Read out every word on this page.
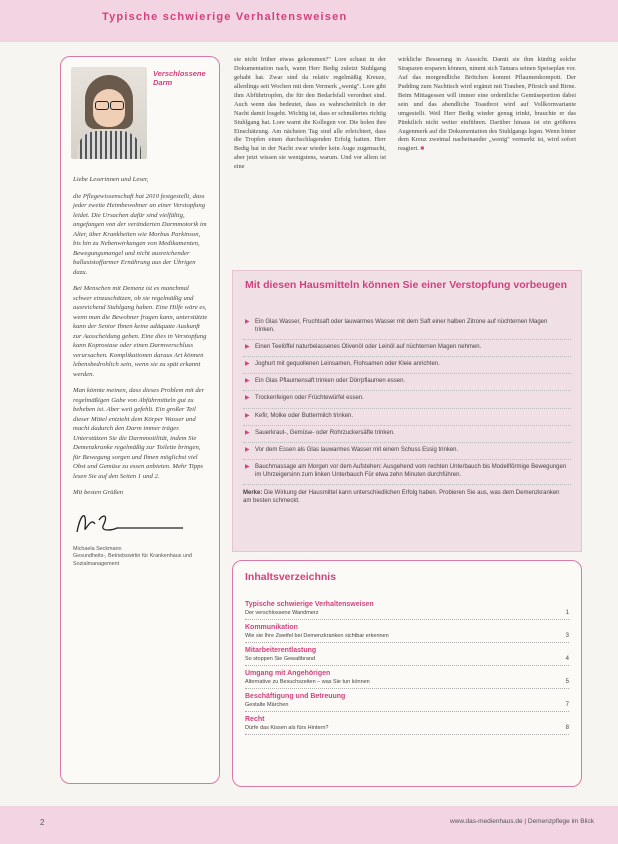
Typische schwierige Verhaltensweisen
Verschlossene Darm

Liebe Leserinnen und Leser,

die Pflegewissenschaft hat 2010 festgestellt, dass jeder zweite Heimbewohner an einer Verstopfung leidet. Die Ursachen dafür sind vielfältig, angefangen von der veränderten Darmmotorik im Alter, über Krankheiten wie Morbus Parkinson, bis hin zu Nebenwirkungen von Medikamenten, Bewegungsmangel und nicht ausreichender ballaststoffarmer Ernährung aus der Übrigen dazu.

Bei Menschen mit Demenz ist es manchmal schwer einzuschätzen, ob sie regelmäßig und ausreichend Stuhlgang haben. Eine Hilfe wäre es, wenn man die Bewohner fragen kann, unterstützte kann der Senior Ihnen keine adäquate Auskunft zur Ausscheidung geben. Eine dies in Verstopfung kann Koprostase oder einen Darmverschluss verursachen. Komplikationen daraus Art können lebensbedrohlich sein, wenn sie zu spät erkannt werden.

Man könnte meinen, dass dieses Problem mit der regelmäßigen Gabe von Abführmitteln gut zu beheben ist. Aber weit gefehlt. Ein großer Teil dieser Mittel entzieht dem Körper Wasser und macht dadurch den Darm immer träger. Unterstützen Sie die Darmmotilität, indem Sie Demenzkranke regelmäßig zur Toilette bringen, für Bewegung sorgen und Ihnen möglichst viel Obst und Gemüse zu essen anbieten. Mehr Tipps lesen Sie auf den Seiten 1 und 2.

Mit besten Grüßen

Michaela Seckmann
Gesundheits-, Betriebswirtin für Krankenhaus und Sozialmanagement
sie nicht früher etwas gekommen?" Lore schaut in der Dokumentation nach, wann Herr Bedig zuletzt Stuhlgang gehabt hat. Zwar sind da relativ regelmäßig Kreuze, allerdings seit Wochen mit dem Vermerk „wenig". Lore gibt ihm Abführtropfen, die für den Bedarfsfall verordnet sind. Auch wenn das bedeutet, dass es wahrscheinlich in der Nacht damit losgeht. Wichtig ist, dass er schmälertes richtig Stuhlgang hat. Lore warnt die Kollegen vor. Die holen ihre Einschätzung. Am nächsten Tag sind alle erleichtert, dass die Tropfen einen durchschlagenden Erfolg hatten. Herr Bedig hat in der Nacht zwar wieder kein Auge zugemacht, aber jetzt wissen sie wenigstens, warum. Und vor allem ist eine
wirkliche Besserung in Aussicht. Damit sie ihm künftig solche Strapazen ersparen können, nimmt sich Tamara seinen Speiseplan vor. Auf das morgendliche Brötchen kommt Pflaumenkompott. Der Pudding zum Nachtisch wird ergänzt mit Trauben, Pfirsich und Birne. Beim Mittagessen will immer eine ordentliche Gemüseportion dabei sein und das abendliche Toastbrot wird auf Vollkornvariante umgestellt. Weil Herr Bedig wieder genug trinkt, brauchte er das Pünktlich nicht weiter einführen. Darüber hinaus ist ein größeres Augenmerk auf die Dokumentation des Stuhlgangs legen. Wenn hinter dem Kreuz zweimal nacheinander „wenig" vermerkt ist, wird sofort reagiert. ■
Mit diesen Hausmitteln können Sie einer Verstopfung vorbeugen
▶ Ein Glas Wasser, Fruchtsaft oder lauwarmes Wasser mit dem Saft einer halben Zitrone auf nüchternen Magen trinken.
▶ Einen Teelöffel naturbelassenes Olivenöl oder Leinöl auf nüchternen Magen nehmen.
▶ Joghurt mit gequollenen Leinsamen, Flohsamen oder Kleie anrichten.
▶ Ein Glas Pflaumensaft trinken oder Dörrpflaumen essen.
▶ Trockenfeigen oder Früchtewürfel essen.
▶ Kefir, Molke oder Buttermilch trinken.
▶ Sauerkraut-, Gemüse- oder Rohrzuckersäfte trinken.
▶ Vor dem Essen als Glas lauwarmes Wasser mit einem Schuss Essig trinken.
▶ Bauchmassage am Morgen vor dem Aufstehen: Ausgehend vom rechten Unterbauch bis Modellförmige Bewegungen im Uhrzeigersinn zum linken Unterbauch Für etwa zehn Minuten durchführen.
Merke: Die Wirkung der Hausmittel kann unterschiedlichen Erfolg haben. Probieren Sie aus, was dem Demenzkranken am besten schmeckt.
Inhaltsverzeichnis
Typische schwierige Verhaltensweisen
Der verschlossene Wandmerz	1
Kommunikation
Wie sie Ihre Zweifel bei Demenzkranken sichtbar erkennen	3
Mitarbeiterentlastung
So stoppen Sie Gewaltbrand	4
Umgang mit Angehörigen
Alternative zu Besuchszeiten – was Sie tun können	5
Beschäftigung und Betreuung
Gestalte Märchen	7
Recht
Dürfe das Kissen als fürs Hintern?	8
2	www.das-medienhaus.de | Demenzpflege im Blick
